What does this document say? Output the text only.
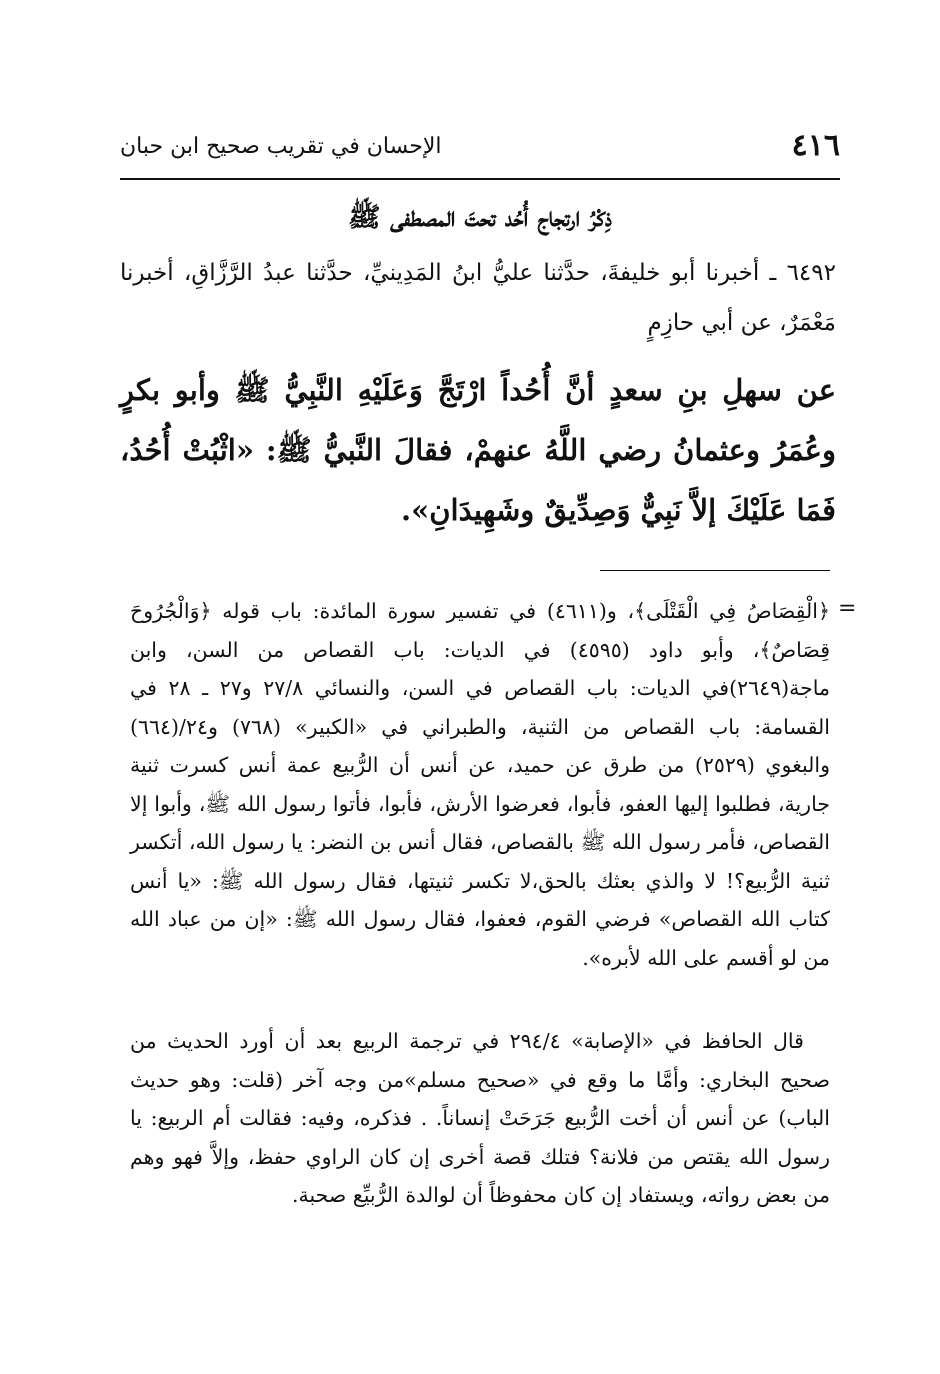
٤١٦
الإحسان في تقريب صحيح ابن حبان
ذِكْرُ ارتجاج أُحُد تحتَ المصطفى ﷺ
٦٤٩٢ ـ أخبرنا أبو خليفةَ، حدَّثنا عليُّ ابنُ المَدِينيِّ، حدَّثنا عبدُ الرَّزَّاقِ، أخبرنا مَعْمَرٌ، عن أبي حازِمٍ
عن سهلِ بنِ سعدٍ أنَّ أُحُداً ارْتَجَّ وَعَلَيْهِ النَّبِيُّ ﷺ وأبو بكرٍ وعُمَرُ وعثمانُ رضي اللَّهُ عنهمْ، فقالَ النَّبيُّ ﷺ: «اثْبُتْ أُحُدُ، فَمَا عَلَيْكَ إلاَّ نَبِيٌّ وَصِدِّيقٌ وشَهِيدَانِ».
=
﴿الْقِصَاصُ فِي الْقَتْلَى﴾، و(٤٦١١) في تفسير سورة المائدة: باب قوله ﴿وَالْجُرُوحَ قِصَاصٌ﴾، وأبو داود (٤٥٩٥) في الديات: باب القصاص من السن، وابن ماجة(٢٦٤٩)في الديات: باب القصاص في السن، والنسائي ٢٧/٨ و٢٧ ـ ٢٨ في القسامة: باب القصاص من الثنية، والطبراني في «الكبير» (٧٦٨) و٢٤/(٦٦٤) والبغوي (٢٥٢٩) من طرق عن حميد، عن أنس أن الرُّبيع عمة أنس كسرت ثنية جارية، فطلبوا إليها العفو، فأبوا، فعرضوا الأرش، فأبوا، فأتوا رسول الله ﷺ، وأبوا إلا القصاص، فأمر رسول الله ﷺ بالقصاص، فقال أنس بن النضر: يا رسول الله، أتكسر ثنية الرُّبيع؟! لا والذي بعثك بالحق،لا تكسر ثنيتها، فقال رسول الله ﷺ: «يا أنس كتاب الله القصاص» فرضي القوم، فعفوا، فقال رسول الله ﷺ: «إن من عباد الله من لو أقسم على الله لأبره».
قال الحافظ في «الإصابة» ٢٩٤/٤ في ترجمة الربيع بعد أن أورد الحديث من صحيح البخاري: وأمَّا ما وقع في «صحيح مسلم»من وجه آخر (قلت: وهو حديث الباب) عن أنس أن أخت الرُّبيع جَرَحَتْ إنساناً. . فذكره، وفيه: فقالت أم الربيع: يا رسول الله يقتص من فلانة؟ فتلك قصة أخرى إن كان الراوي حفظ، وإلاَّ فهو وهم من بعض رواته، ويستفاد إن كان محفوظاً أن لوالدة الرُّبيِّع صحبة.
